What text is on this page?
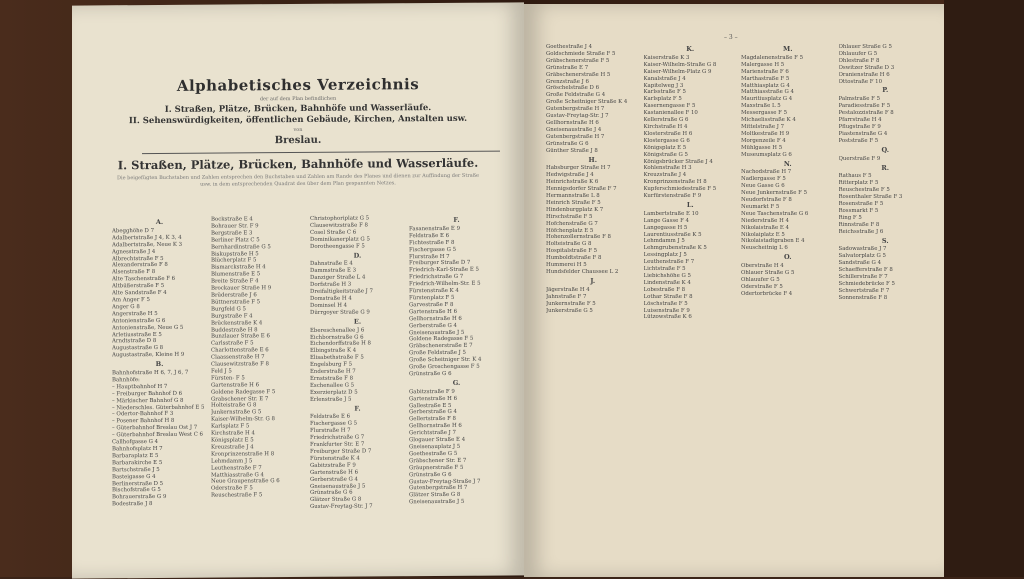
Alphabetisches Verzeichnis
der auf dem Plan befindlichen
I. Straßen, Plätze, Brücken, Bahnhöfe und Wasserläufe.
II. Sehenswürdigkeiten, öffentlichen Gebäude, Kirchen, Anstalten usw.
von
Breslau.
I. Straßen, Plätze, Brücken, Bahnhöfe und Wasserläufe.
Die beigefügten Buchstaben und Zahlen entsprechen den Buchstaben und Zahlen am Rande des Planes und dienen zur Auffindung der Straße usw. in dem entsprechenden Quadrat des über dem Plan gespannten Netzes.
A.
Abegghöhe D 7
Adalbertstraße J 4, K 3, 4
Adalbertstraße, Neue K 3
Agnesstraße J 4
Albrechtstraße F 5
Alexanderstraße F 8
Alsenstraße F 8
Alte Taschenstraße F 6
Altbüßerstraße F 5
Alte Sandstraße F 4
Am Anger F 5
Anger G 8
Angerstraße H 5
Antonienstraße G 6
Antonienstraße, Neue G 5
Arletiusstraße E 5
Arndtstraße D 8
Augustastraße G 8
Augustastraße, Kleine H 9
B.
Bahnhofstraße H 6, 7, J 6, 7
Bahnhöfe:
– Hauptbahnhof H 7
– Freiburger Bahnhof D 6
– Märkischer Bahnhof G 8
– Niederschles. Güterbahnhof E 5
– Odertor-Bahnhof F 3
– Posener Bahnhof H 8
– Güterbahnhof Breslau Ost J 7
– Güterbahnhof Breslau West C 6
Callhofgasse G 4
Bahnhofsplatz H 7
Barbaraplatz E 5
Barbarakirche E 5
Bartschstraße J 5
Basteigasse G 4
Berlinerstraße D 5
Bischofstraße G 5
Bohrauerstraße G 9
Bodestraße J 8
Bockstraße E 4
Bohrauer Str. F 9
Bergstraße E 3
Berliner Platz C 5
Bernhardinstraße G 5
Biskupstraße H 5
Blücherplatz F 5
Bismarckstraße H 4
Blumenstraße E 5
Breite Straße F 4
Brockauer Straße H 9
Brüderstraße J 6
Büttnerstraße F 5
Burgfeld G 5
Burgstraße F 4
Brückenstraße K 4
Buddestraße H 8
Bunzlauer Straße E 6
Carlsstraße F 5
Charlottenstraße E 6
Claassenstraße H 7
Clausewitzstraße F 8
Feld J 5
Fürsten- F 5
Gartenstraße H 6
Goldene Radegasse F 5
Grabschener Str. E 7
Holteistraße G 8
Junkernstraße G 5
Kaiser-Wilhelm-Str. G 8
Karlsplatz F 5
Kirchstraße H 4
Königsplatz E 5
Kreuzstraße J 4
Kronprinzenstraße H 8
Lehmdamm J 5
Leuthenstraße F 7
Matthiasstraße G 4
Neue Graupenstraße G 6
Oderstraße F 5
Reuschestraße F 5
Christophoriplatz G 5
Clausewitzstraße F 8
Cosel Straße C 6
Dominikanerplatz G 5
Dorotheengasse F 5
D.
Dahnstraße E 4
Dammstraße E 3
Danziger Straße L 4
Dorfstraße H 3
Dreifaltigkeitstraße J 7
Domstraße H 4
Dominsel H 4
Dürrgoyer Straße G 9
E.
Ebereschenallee J 6
Eichbornstraße G 6
Eichendorffstraße H 8
Elbingstraße K 4
Elisabethstraße F 5
Engelsburg F 5
Enderstraße H 7
Ernststraße F 8
Eschenallee G 5
Exerzierplatz D 5
Erlenstraße J 5
F.
Feldstraße E 6
Fischergasse G 5
Flurstraße H 7
Friedrichstraße G 7
Frankfurter Str. E 7
Freiburger Straße D 7
Fürstenstraße K 4
Gabitzstraße F 9
Gartenstraße H 6
Gerberstraße G 4
Gneisenaustraße J 5
Grünstraße G 6
Glätzer Straße G 8
Gustav-Freytag-Str. J 7
F.
Fasanenstraße E 9
Feldstraße E 6
Fichtestraße F 8
Fischergasse G 5
Flurstraße H 7
Freiburger Straße D 7
Friedrich-Karl-Straße E 5
Friedrichstraße G 7
Friedrich-Wilhelm-Str. E 5
Fürstenstraße K 4
Fürstenplatz F 5
Garvestraße F 8
Gartenstraße H 6
Gellhornstraße H 6
Gerberstraße G 4
Gneisenaustraße J 5
Goldene Radegasse F 5
Gräbschenerstraße E 7
Große Feldstraße J 5
Große Scheitniger Str. K 4
Große Groschengasse F 5
Grünstraße G 6
G.
Gabitzstraße F 9
Gartenstraße H 6
Gallestraße E 5
Gerberstraße G 4
Gellertstraße F 8
Gellhornstraße H 6
Gerichtstraße J 7
Glogauer Straße E 4
Gneisenauplatz J 5
Goethestraße G 5
Gräbschener Str. E 7
Gräupnerstraße F 5
Grünstraße G 6
Gustav-Freytag-Straße J 7
Gutenbergstraße H 7
Glätzer Straße G 8
Gneisenaustraße J 5
– 3 –
Goethestraße J 4
Goldschmiede Straße F 5
Gräbschenerstraße F 5
Grünstraße E 7
Gräbschenerstraße H 5
Grenzstraße J 6
Gröschelstraße D 6
Große Feldstraße G 4
Große Scheitniger Straße K 4
Gutenbergstraße H 7
Gustav-Freytag-Str. J 7
Gellhornstraße H 6
Gneisenaustraße J 4
Gutenbergstraße H 7
Grünstraße G 6
Günther Straße J 8
H.
Habsburger Straße H 7
Hedwigstraße J 4
Heinrichstraße K 6
Hennigsdorfer Straße F 7
Hermannstraße L 8
Heinrich Straße F 5
Hindenburgplatz K 7
Hirschstraße F 5
Hofchenstraße G 7
Höfchenplatz E 5
Hohenzollernstraße F 8
Holteistraße G 8
Hospitalstraße F 5
Humboldtstraße F 8
Hummerei H 5
Hundsfelder Chaussee L 2
J.
Jägerstraße H 4
Jahnstraße F 7
Junkernstraße F 5
Junkerstraße G 5
K.
Kaiserstraße K 3
Kaiser-Wilhelm-Straße G 8
Kaiser-Wilhelm-Platz G 9
Kanalstraße J 4
Kapitelweg J 3
Karlsstraße F 5
Karlsplatz F 5
Kasernengasse F 5
Kastanienallee F 10
Kellerstraße G 6
Kirchstraße H 4
Klosterstraße H 6
Klostergasse G 6
Königsplatz E 5
Königstraße G 5
Königsbrücker Straße J 4
Kohlenstraße H 3
Kreuzstraße J 4
Kronprinzenstraße H 8
Kupferschmiedestraße F 5
Kurfürstenstraße F 9
L.
Lambertstraße E 10
Lange Gasse F 4
Langegasse H 5
Laurentiusstraße K 5
Lehmdamm J 5
Lehmgrubenstraße K 5
Lessingplatz J 5
Leuthenstraße F 7
Lichtstraße F 5
Liebichshöhe G 5
Lindenstraße K 4
Lobestraße F 8
Lothar Straße F 8
Löschstraße F 5
Luisenstraße F 9
Lützowstraße K 6
M.
Magdalenenstraße F 5
Malergasse H 5
Marienstraße F 6
Marthastraße F 5
Matthiasplatz G 4
Matthiasstraße G 4
Mauritiusplatz G 4
Maxstraße L 5
Messergasse F 5
Michaelisstraße K 4
Mittelstraße J 7
Moltkestraße H 9
Morgenzeile F 4
Mühlgasse H 5
Museumsplatz G 6
N.
Nachodstraße H 7
Nadlergasse F 5
Neue Gasse G 6
Neue Junkernstraße F 5
Neudorfstraße F 8
Neumarkt F 5
Neue Taschenstraße G 6
Niederstraße H 4
Nikolaistraße E 4
Nikolaiplatz E 5
Nikolaistadtgraben E 4
Neuscheitnig L 6
O.
Oberstraße H 4
Ohlauer Straße G 5
Ohlauufer G 5
Oderstraße F 5
Odertorbrücke F 4
Ohlauer Straße G 5
Ohlauufer G 5
Ohlestraße F 8
Oswitzer Straße D 3
Oranienstraße H 6
Ottostraße F 10
P.
Palmstraße F 5
Paradiesstraße F 5
Pestalozzistraße F 8
Pfarrstraße H 4
Pflugstraße F 9
Piastenstraße G 4
Poststraße F 5
Q.
Querstraße F 9
R.
Rathaus F 5
Ritterplatz F 5
Reuschestraße F 5
Rosenthaler Straße F 3
Rosenstraße F 5
Rossmarkt F 5
Ring F 5
Rinnstraße F 8
Reichsstraße J 6
S.
Sadowastraße J 7
Salvatorplatz G 5
Sandstraße G 4
Schaefferstraße F 8
Schillerstraße F 7
Schmiedebrücke F 5
Schwertstraße F 7
Sonnenstraße F 8
